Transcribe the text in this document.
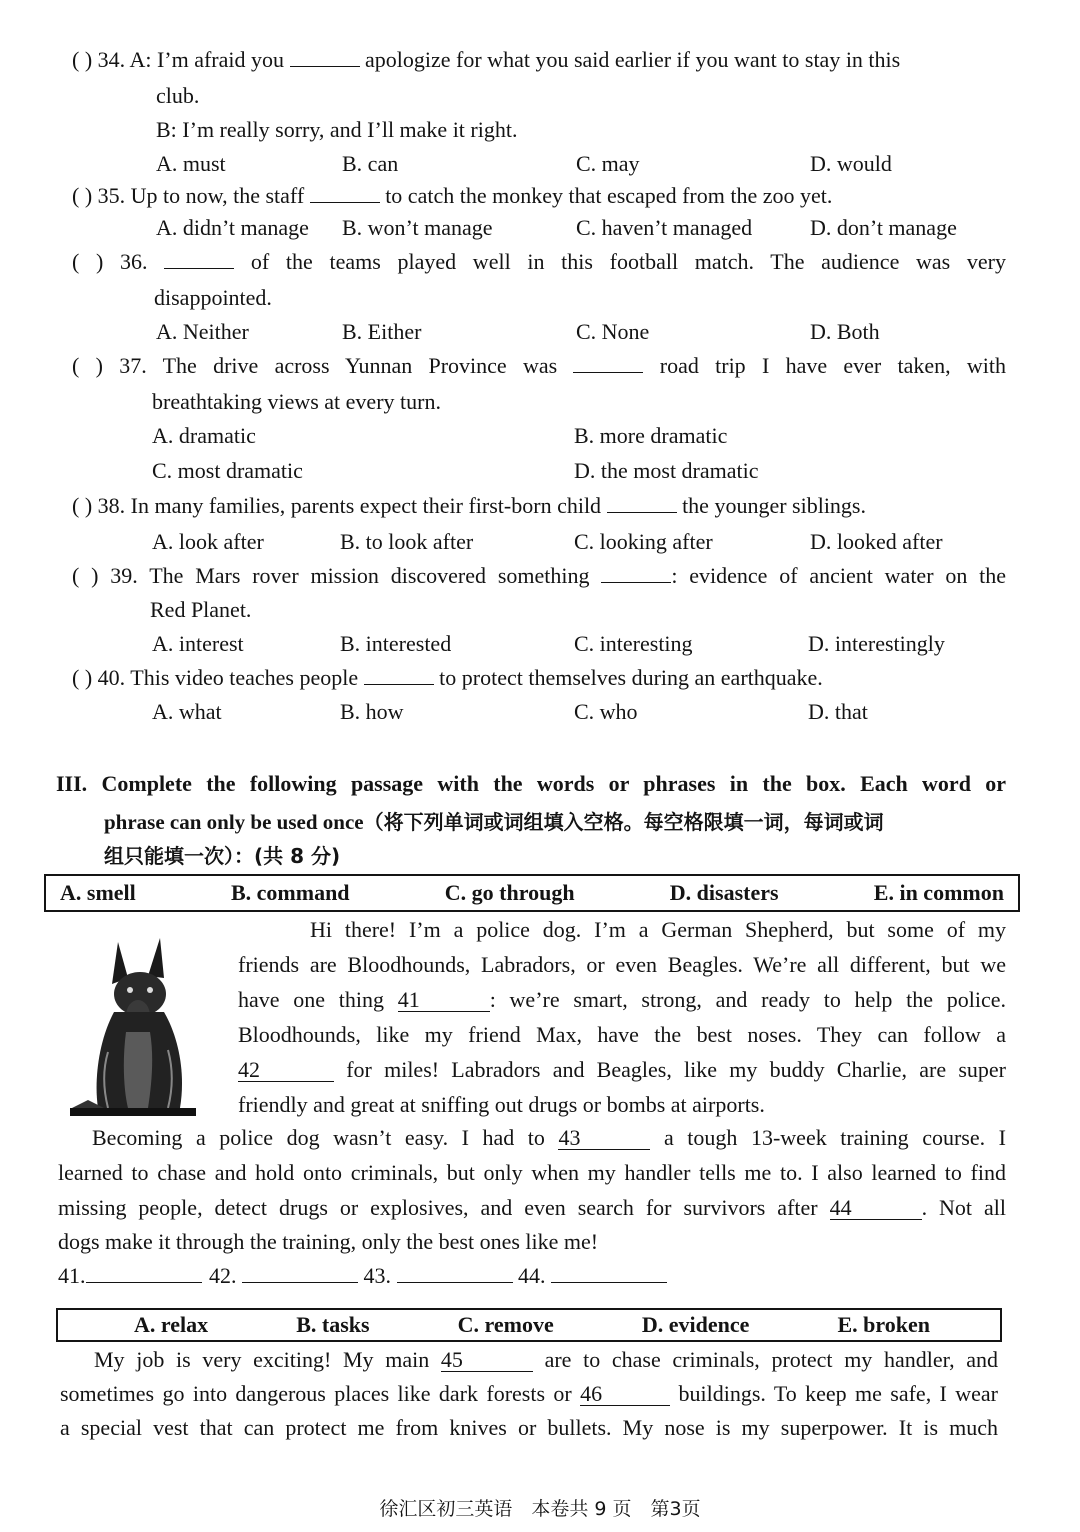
( ) 34. A: I’m afraid you	apologize for what you said earlier if you want to stay in this
club.
B: I’m really sorry, and I’ll make it right.
A. must	B. can	C. may	D. would
( ) 35. Up to now, the staff	to catch the monkey that escaped from the zoo yet.
A. didn’t manage B. won’t manage	C. haven’t managed	D. don’t manage
( ) 36.	of the teams played well in this football match. The audience was very
disappointed.
A. Neither	B. Either	C. None	D. Both
( ) 37. The drive across Yunnan Province was	road trip I have ever taken, with
breathtaking views at every turn.
A. dramatic	B. more dramatic
C. most dramatic	D. the most dramatic
( ) 38. In many families, parents expect their first-born child	the younger siblings.
A. look after	B. to look after	C. looking after	D. looked after
( ) 39. The Mars rover mission discovered something	: evidence of ancient water on the
Red Planet.
A. interest	B. interested	C. interesting	D. interestingly
( ) 40. This video teaches people	to protect themselves during an earthquake.
A. what	B. how	C. who	D. that
III. Complete the following passage with the words or phrases in the box. Each word or
phrase can only be used once（将下列单词或词组填入空格。每空格限填一词，每词或词
组只能填一次）：(共 8 分)
A. smell	B. command	C. go through	D. disasters	E. in common
Hi there! I’m a police dog. I’m a German Shepherd, but some of my
friends are Bloodhounds, Labradors, or even Beagles. We’re all different, but we
have one thing 41	: we’re smart, strong, and ready to help the police.
Bloodhounds, like my friend Max, have the best noses. They can follow a
42	for miles! Labradors and Beagles, like my buddy Charlie, are super
friendly and great at sniffing out drugs or bombs at airports.
Becoming a police dog wasn’t easy. I had to 43	a tough 13-week training course. I
learned to chase and hold onto criminals, but only when my handler tells me to. I also learned to find
missing people, detect drugs or explosives, and even search for survivors after 44	. Not all
dogs make it through the training, only the best ones like me!
41.	42.	43.	44.
A. relax	B. tasks	C. remove	D. evidence	E. broken
My job is very exciting! My main 45	are to chase criminals, protect my handler, and
sometimes go into dangerous places like dark forests or 46	buildings. To keep me safe, I wear
a special vest that can protect me from knives or bullets. My nose is my superpower. It is much
徐汇区初三英语　本卷共 9 页　第3页
